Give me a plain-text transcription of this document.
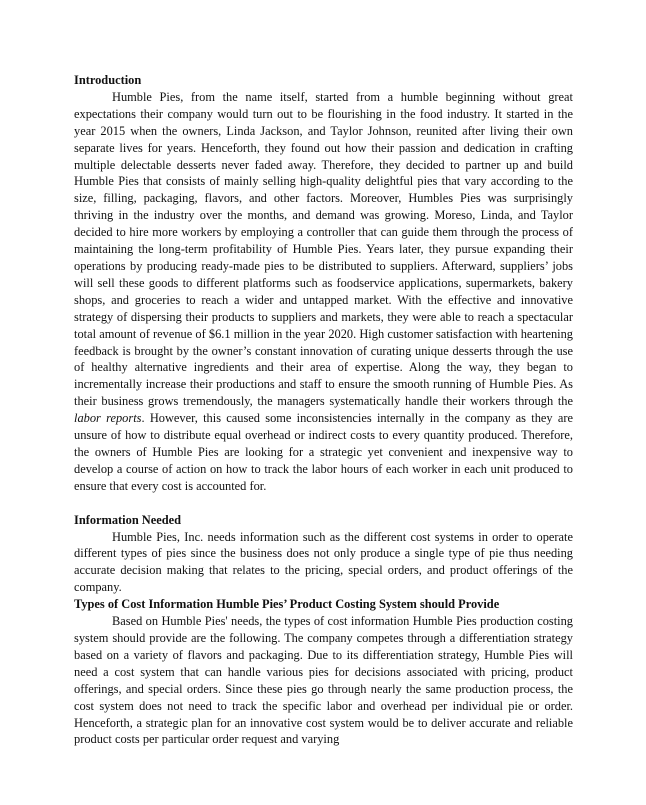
Introduction

Humble Pies, from the name itself, started from a humble beginning without great expectations their company would turn out to be flourishing in the food industry. It started in the year 2015 when the owners, Linda Jackson, and Taylor Johnson, reunited after living their own separate lives for years. Henceforth, they found out how their passion and dedication in crafting multiple delectable desserts never faded away. Therefore, they decided to partner up and build Humble Pies that consists of mainly selling high-quality delightful pies that vary according to the size, filling, packaging, flavors, and other factors. Moreover, Humbles Pies was surprisingly thriving in the industry over the months, and demand was growing. Moreso, Linda, and Taylor decided to hire more workers by employing a controller that can guide them through the process of maintaining the long-term profitability of Humble Pies. Years later, they pursue expanding their operations by producing ready-made pies to be distributed to suppliers. Afterward, suppliers’ jobs will sell these goods to different platforms such as foodservice applications, supermarkets, bakery shops, and groceries to reach a wider and untapped market. With the effective and innovative strategy of dispersing their products to suppliers and markets, they were able to reach a spectacular total amount of revenue of $6.1 million in the year 2020. High customer satisfaction with heartening feedback is brought by the owner’s constant innovation of curating unique desserts through the use of healthy alternative ingredients and their area of expertise. Along the way, they began to incrementally increase their productions and staff to ensure the smooth running of Humble Pies. As their business grows tremendously, the managers systematically handle their workers through the labor reports. However, this caused some inconsistencies internally in the company as they are unsure of how to distribute equal overhead or indirect costs to every quantity produced. Therefore, the owners of Humble Pies are looking for a strategic yet convenient and inexpensive way to develop a course of action on how to track the labor hours of each worker in each unit produced to ensure that every cost is accounted for.

Information Needed

Humble Pies, Inc. needs information such as the different cost systems in order to operate different types of pies since the business does not only produce a single type of pie thus needing accurate decision making that relates to the pricing, special orders, and product offerings of the company.

Types of Cost Information Humble Pies’ Product Costing System should Provide

Based on Humble Pies' needs, the types of cost information Humble Pies production costing system should provide are the following. The company competes through a differentiation strategy based on a variety of flavors and packaging. Due to its differentiation strategy, Humble Pies will need a cost system that can handle various pies for decisions associated with pricing, product offerings, and special orders. Since these pies go through nearly the same production process, the cost system does not need to track the specific labor and overhead per individual pie or order. Henceforth, a strategic plan for an innovative cost system would be to deliver accurate and reliable product costs per particular order request and varying
